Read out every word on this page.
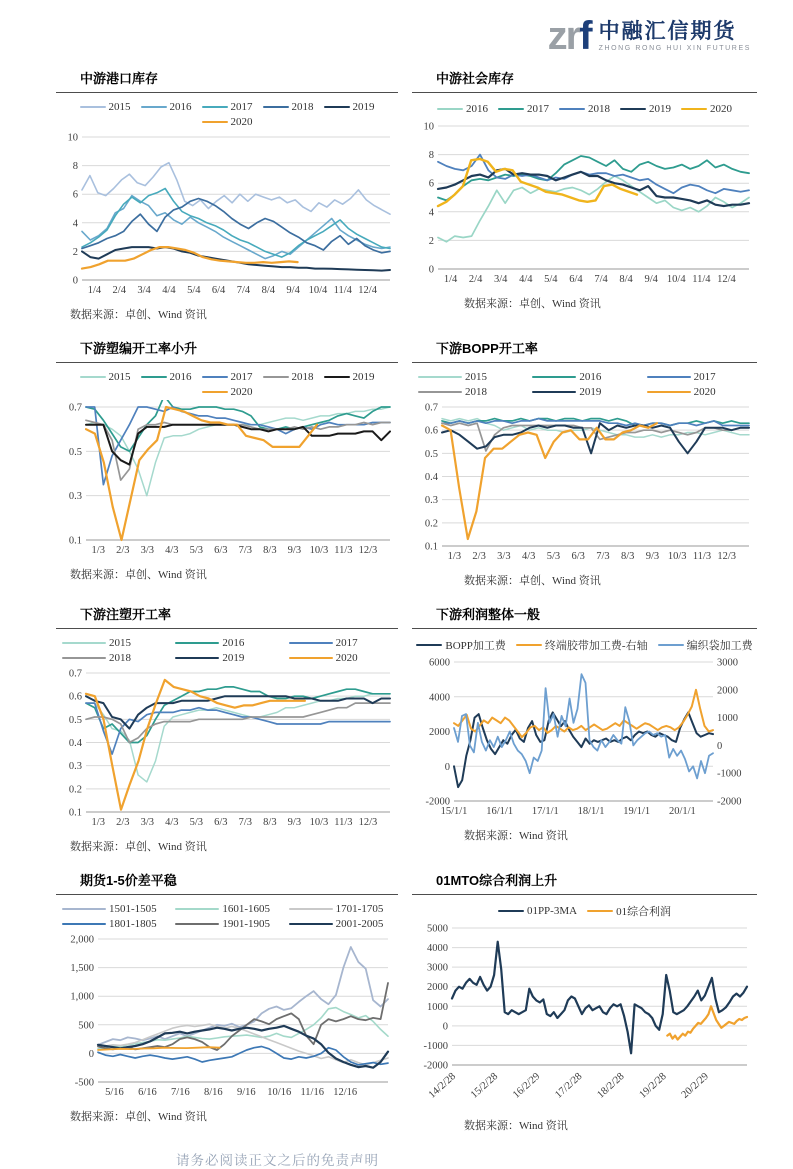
zrf 中融汇信期货
ZHONG RONG HUI XIN FUTURES
中游港口库存
2015	2016	2017	2018	2019
2020
0
2
4
6
8
10
1/4 2/4 3/4 4/4 5/4 6/4 7/4 8/4 9/4 10/4 11/4 12/4
数据来源：卓创、Wind 资讯
中游社会库存
2016	2017	2018	2019	2020
0
2
4
6
8
10
1/4 2/4 3/4 4/4 5/4 6/4 7/4 8/4 9/4 10/4 11/4 12/4
数据来源：卓创、Wind 资讯
下游塑编开工率小升
2015	2016	2017	2018	2019
2020
0.1
0.3
0.5
0.7
1/3 2/3 3/3 4/3 5/3 6/3 7/3 8/3 9/3 10/3 11/3 12/3
数据来源：卓创、Wind 资讯
下游BOPP开工率
2015	2016	2017
2018	2019	2020
0.1
0.2
0.3
0.4
0.5
0.6
0.7
1/3 2/3 3/3 4/3 5/3 6/3 7/3 8/3 9/3 10/3 11/3 12/3
数据来源：卓创、Wind 资讯
下游注塑开工率
2015	2016	2017
2018	2019	2020
0.1
0.2
0.3
0.4
0.5
0.6
0.7
1/3 2/3 3/3 4/3 5/3 6/3 7/3 8/3 9/3 10/3 11/3 12/3
数据来源：卓创、Wind 资讯
下游利润整体一般
BOPP加工费	终端胶带加工费-右轴	编织袋加工费
-2000
0
2000
4000
6000
-2000
-1000
0
1000
2000
3000
15/1/1 16/1/1 17/1/1 18/1/1 19/1/1 20/1/1
数据来源：Wind 资讯
期货1-5价差平稳
1501-1505	1601-1605	1701-1705
1801-1805	1901-1905	2001-2005
-500
0
500
1,000
1,500
2,000
5/16 6/16 7/16 8/16 9/16 10/16 11/16 12/16
数据来源：卓创、Wind 资讯
01MTO综合利润上升
01PP-3MA	01综合利润
-2000
-1000
0
1000
2000
3000
4000
5000
14/2/28 15/2/28 16/2/29 17/2/28 18/2/28 19/2/28 20/2/29
数据来源：Wind 资讯
请务必阅读正文之后的免责声明
